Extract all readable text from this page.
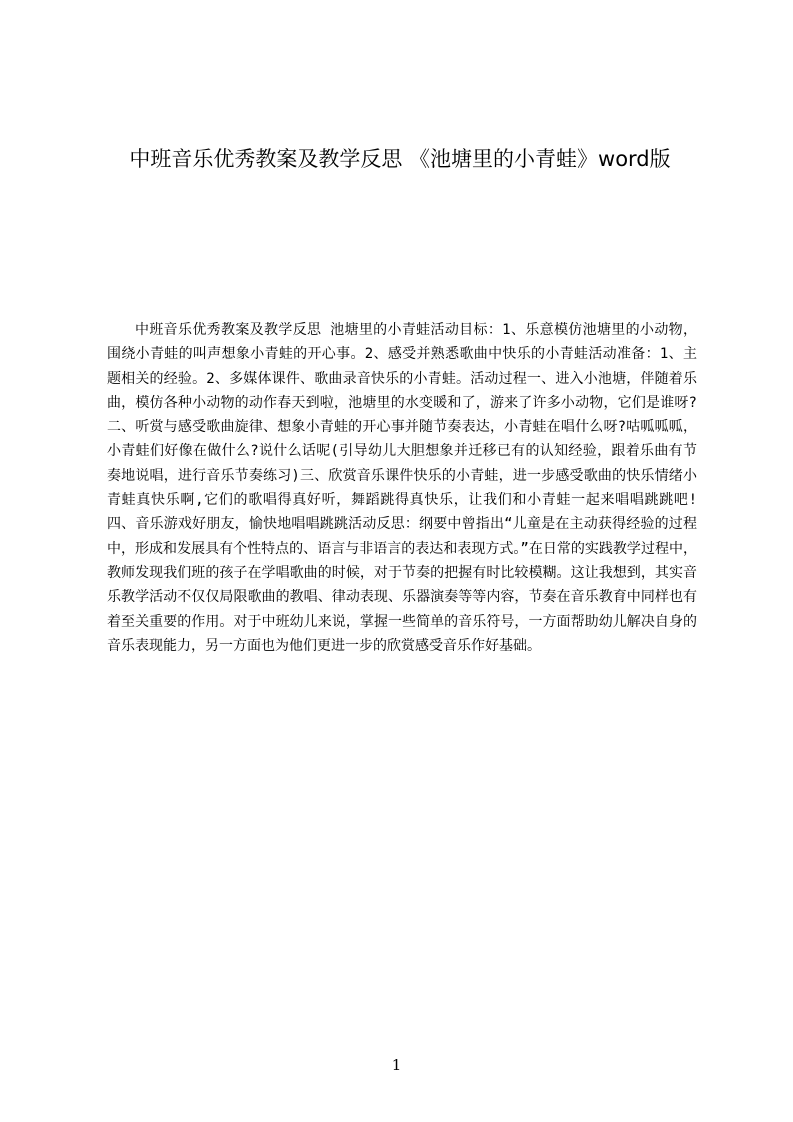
中班音乐优秀教案及教学反思 《池塘里的小青蛙》word版

中班音乐优秀教案及教学反思 池塘里的小青蛙活动目标：1、乐意模仿池塘里的小动物，围绕小青蛙的叫声想象小青蛙的开心事。2、感受并熟悉歌曲中快乐的小青蛙活动准备：1、主题相关的经验。2、多媒体课件、歌曲录音快乐的小青蛙。活动过程一、进入小池塘，伴随着乐曲，模仿各种小动物的动作春天到啦，池塘里的水变暖和了，游来了许多小动物，它们是谁呀?二、听赏与感受歌曲旋律、想象小青蛙的开心事并随节奏表达，小青蛙在唱什么呀?咕呱呱呱，小青蛙们好像在做什么?说什么话呢(引导幼儿大胆想象并迁移已有的认知经验，跟着乐曲有节奏地说唱，进行音乐节奏练习)三、欣赏音乐课件快乐的小青蛙，进一步感受歌曲的快乐情绪小青蛙真快乐啊,它们的歌唱得真好听，舞蹈跳得真快乐，让我们和小青蛙一起来唱唱跳跳吧!四、音乐游戏好朋友，愉快地唱唱跳跳活动反思：纲要中曾指出“儿童是在主动获得经验的过程中，形成和发展具有个性特点的、语言与非语言的表达和表现方式。”在日常的实践教学过程中，教师发现我们班的孩子在学唱歌曲的时候，对于节奏的把握有时比较模糊。这让我想到，其实音乐教学活动不仅仅局限歌曲的教唱、律动表现、乐器演奏等等内容，节奏在音乐教育中同样也有着至关重要的作用。对于中班幼儿来说，掌握一些简单的音乐符号，一方面帮助幼儿解决自身的音乐表现能力，另一方面也为他们更进一步的欣赏感受音乐作好基础。

1
